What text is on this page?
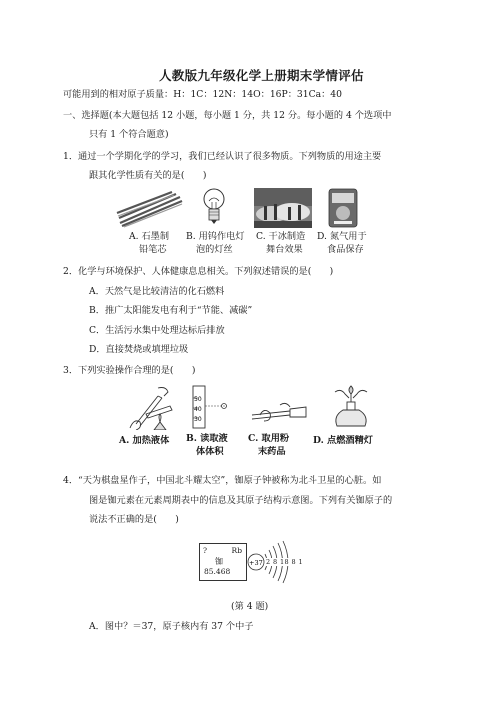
人教版九年级化学上册期末学情评估
可能用到的相对原子质量：H：1C：12N：14O：16P：31Ca：40
一、选择题(本大题包括 12 小题，每小题 1 分，共 12 分。每小题的 4 个选项中
只有 1 个符合题意)
1．通过一个学期化学的学习，我们已经认识了很多物质。下列物质的用途主要
跟其化学性质有关的是(　　)
A. 石墨制
铅笔芯
B. 用钨作电灯
泡的灯丝
C. 干冰制造
舞台效果
D. 氮气用于
食品保存
2．化学与环境保护、人体健康息息相关。下列叙述错误的是(　　)
A．天然气是比较清洁的化石燃料
B．推广太阳能发电有利于“节能、减碳”
C．生活污水集中处理达标后排放
D．直接焚烧或填埋垃圾
3．下列实验操作合理的是(　　)
50
40
30
A. 加热液体 B. 读取液
体体积
C. 取用粉
末药品
D. 点燃酒精灯
4．“天为棋盘星作子，中国北斗耀太空”，铷原子钟被称为北斗卫星的心脏。如
图是铷元素在元素周期表中的信息及其原子结构示意图。下列有关铷原子的
说法不正确的是(　　)
?	Rb
铷
85.468
+37 2 8 18 8 1
(第 4 题)
A．图中？＝37，原子核内有 37 个中子
